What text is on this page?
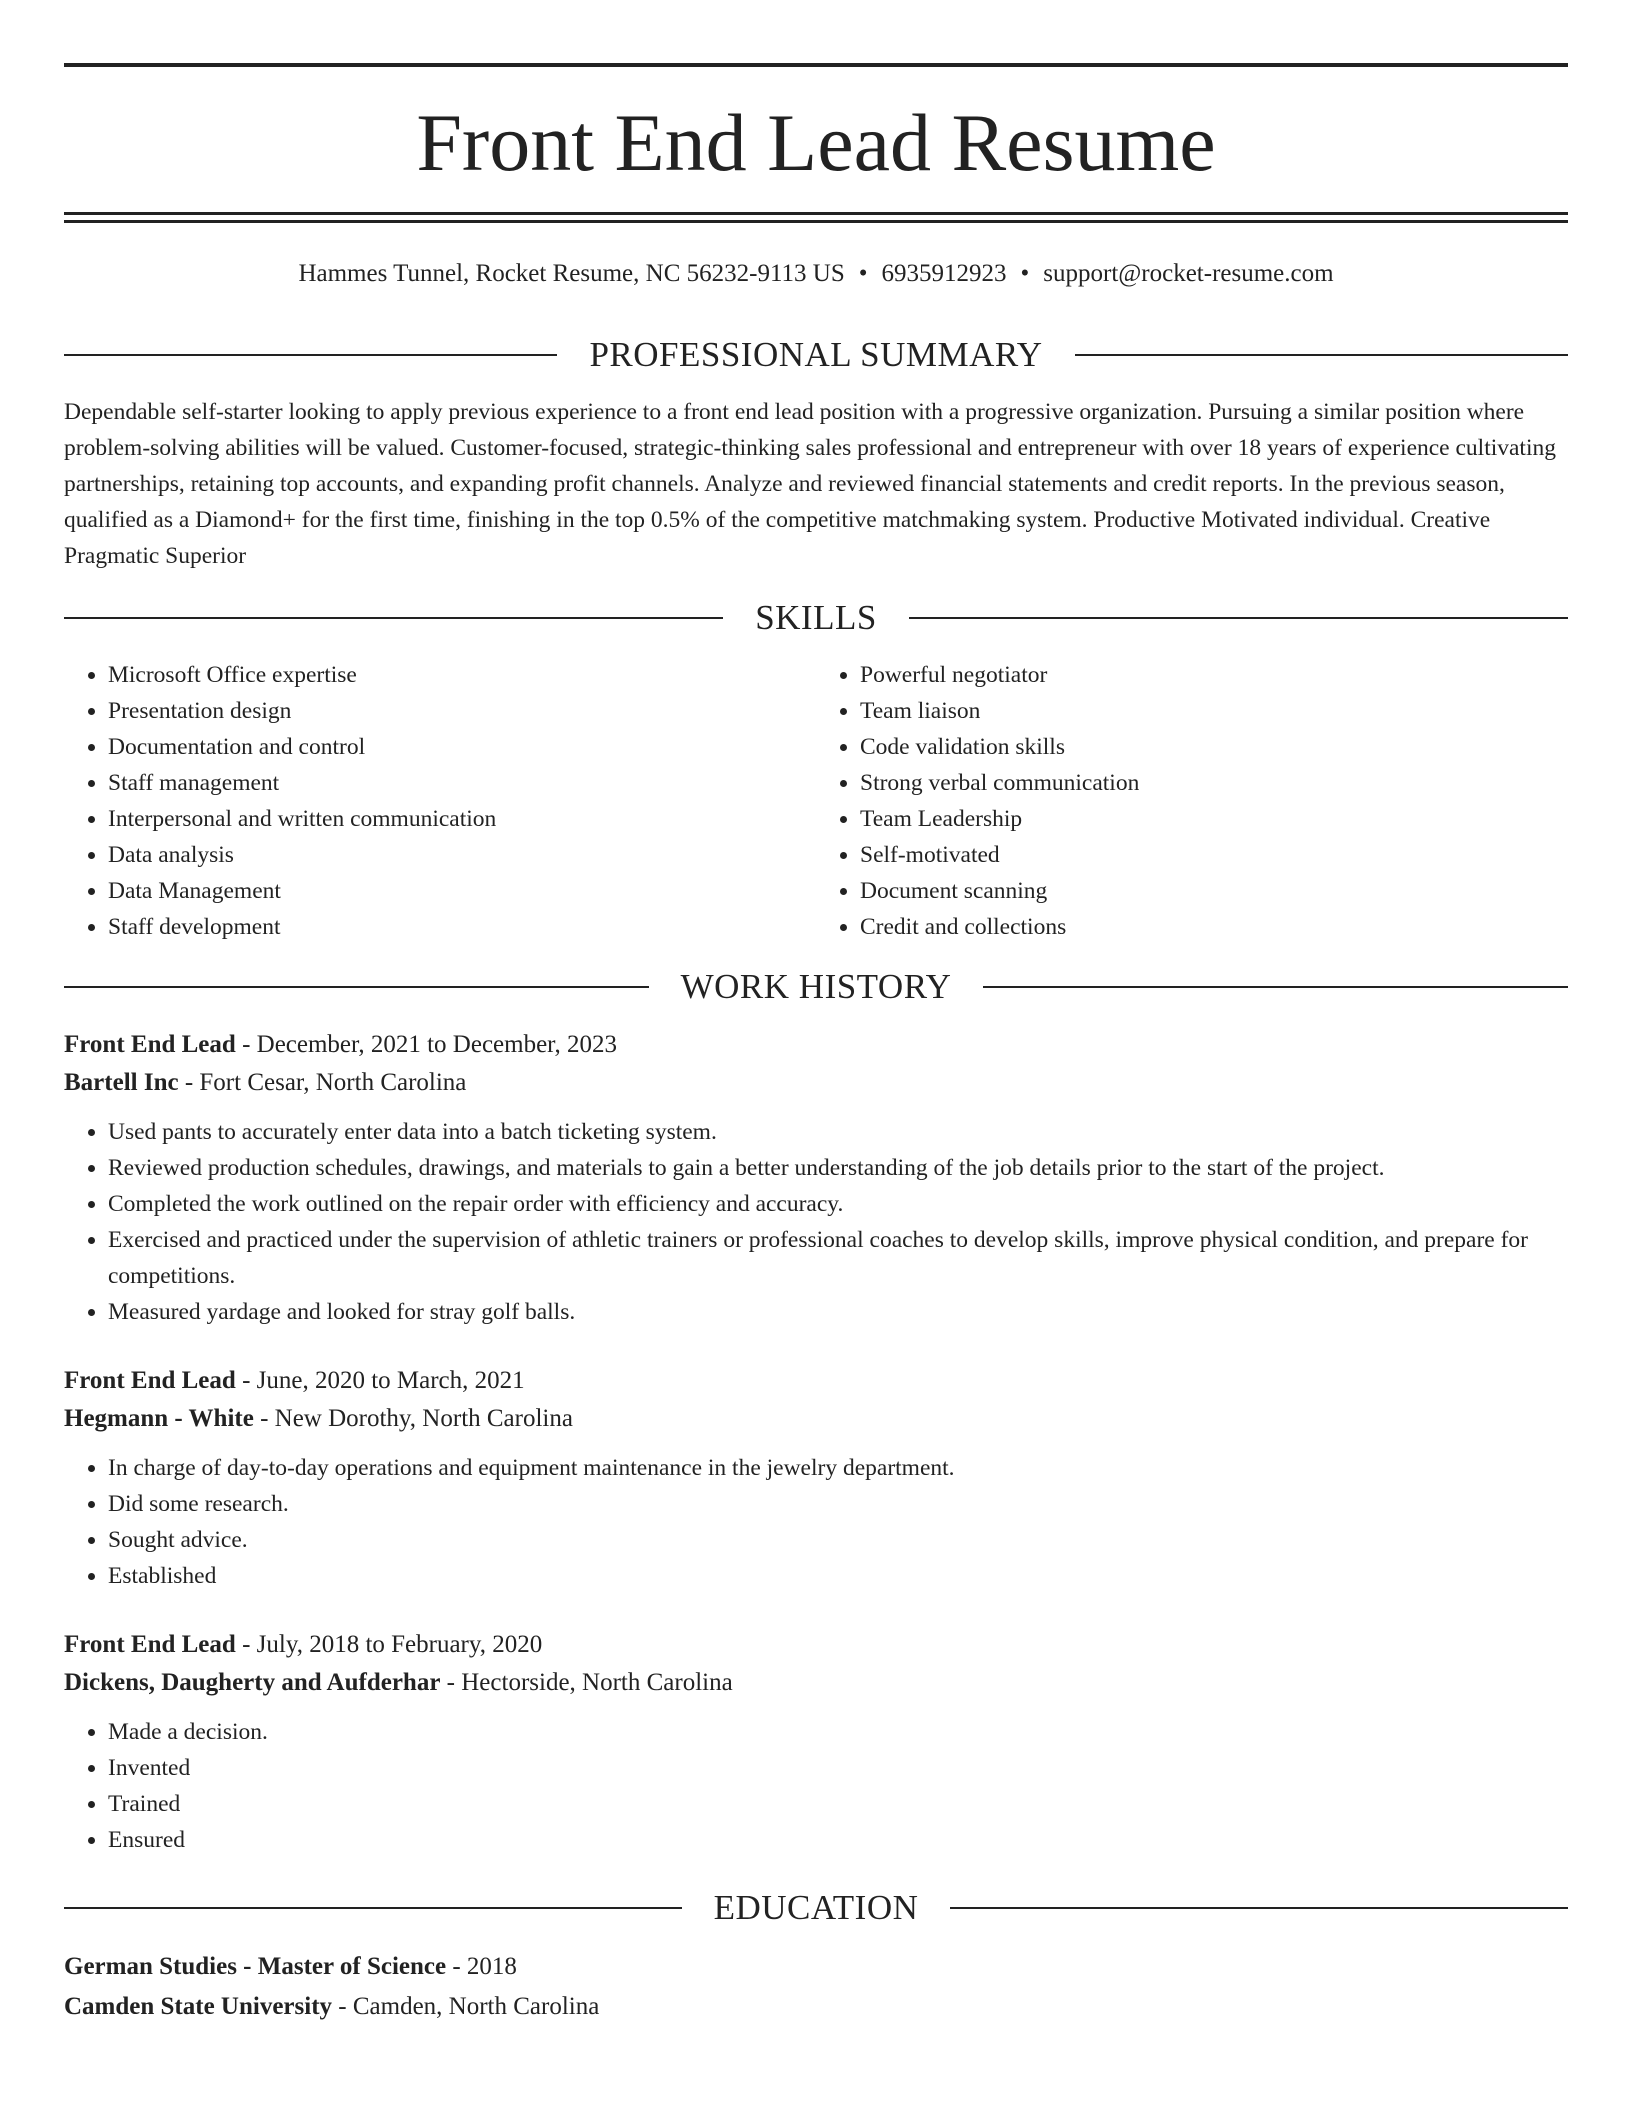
Front End Lead Resume
Hammes Tunnel, Rocket Resume, NC 56232-9113 US • 6935912923 • support@rocket-resume.com
PROFESSIONAL SUMMARY

Dependable self-starter looking to apply previous experience to a front end lead position with a progressive organization. Pursuing a similar position where problem-solving abilities will be valued. Customer-focused, strategic-thinking sales professional and entrepreneur with over 18 years of experience cultivating partnerships, retaining top accounts, and expanding profit channels. Analyze and reviewed financial statements and credit reports. In the previous season, qualified as a Diamond+ for the first time, finishing in the top 0.5% of the competitive matchmaking system. Productive Motivated individual. Creative Pragmatic Superior

SKILLS
• Microsoft Office expertise
• Presentation design
• Documentation and control
• Staff management
• Interpersonal and written communication
• Data analysis
• Data Management
• Staff development
• Powerful negotiator
• Team liaison
• Code validation skills
• Strong verbal communication
• Team Leadership
• Self-motivated
• Document scanning
• Credit and collections
WORK HISTORY
Front End Lead - December, 2021 to December, 2023
Bartell Inc - Fort Cesar, North Carolina
• Used pants to accurately enter data into a batch ticketing system.
• Reviewed production schedules, drawings, and materials to gain a better understanding of the job details prior to the start of the project.
• Completed the work outlined on the repair order with efficiency and accuracy.
• Exercised and practiced under the supervision of athletic trainers or professional coaches to develop skills, improve physical condition, and prepare for competitions.
• Measured yardage and looked for stray golf balls.
Front End Lead - June, 2020 to March, 2021
Hegmann - White - New Dorothy, North Carolina
• In charge of day-to-day operations and equipment maintenance in the jewelry department.
• Did some research.
• Sought advice.
• Established
Front End Lead - July, 2018 to February, 2020
Dickens, Daugherty and Aufderhar - Hectorside, North Carolina
• Made a decision.
• Invented
• Trained
• Ensured
EDUCATION
German Studies - Master of Science - 2018
Camden State University - Camden, North Carolina
